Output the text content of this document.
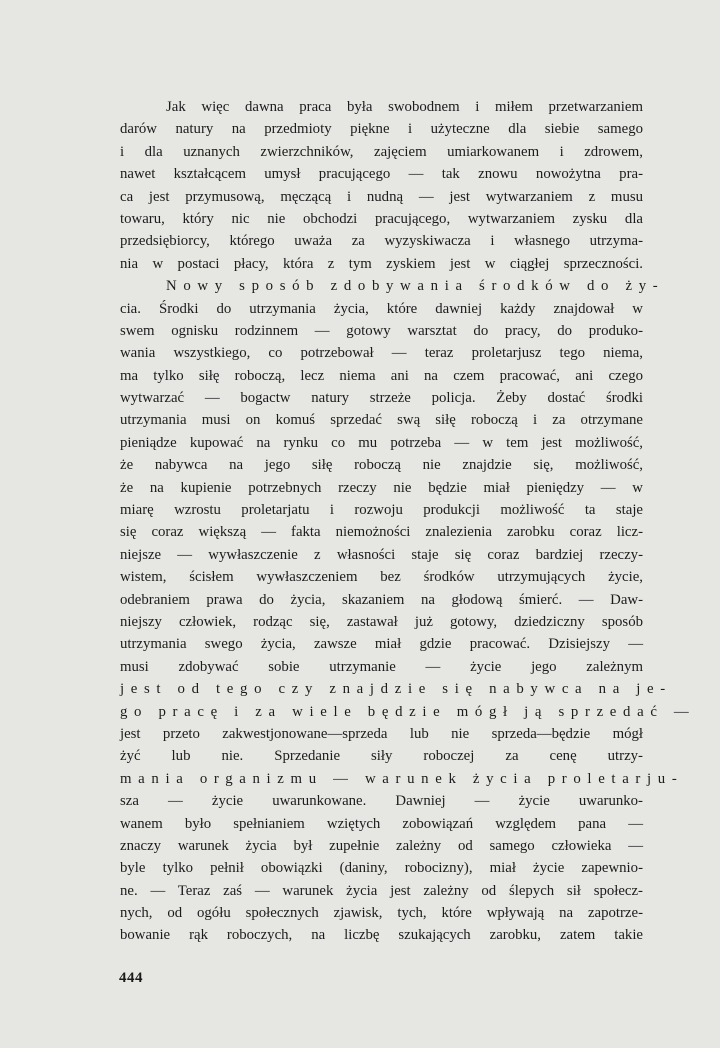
Jak więc dawna praca była swobodnem i miłem przetwarzaniem
darów natury na przedmioty piękne i użyteczne dla siebie samego
i dla uznanych zwierzchników, zajęciem umiarkowanem i zdrowem,
nawet kształcącem umysł pracującego — tak znowu nowożytna pra-
ca jest przymusową, męczącą i nudną — jest wytwarzaniem z musu
towaru, który nic nie obchodzi pracującego, wytwarzaniem zysku dla
przedsiębiorcy, którego uważa za wyzyskiwacza i własnego utrzyma-
nia w postaci płacy, która z tym zyskiem jest w ciągłej sprzeczności.
Nowy sposób zdobywania środków do ży-
cia. Środki do utrzymania życia, które dawniej każdy znajdował w
swem ognisku rodzinnem — gotowy warsztat do pracy, do produko-
wania wszystkiego, co potrzebował — teraz proletarjusz tego niema,
ma tylko siłę roboczą, lecz niema ani na czem pracować, ani czego
wytwarzać — bogactw natury strzeże policja. Żeby dostać środki
utrzymania musi on komuś sprzedać swą siłę roboczą i za otrzymane
pieniądze kupować na rynku co mu potrzeba — w tem jest możliwość,
że nabywca na jego siłę roboczą nie znajdzie się, możliwość,
że na kupienie potrzebnych rzeczy nie będzie miał pieniędzy — w
miarę wzrostu proletarjatu i rozwoju produkcji możliwość ta staje
się coraz większą — fakta niemożności znalezienia zarobku coraz licz-
niejsze — wywłaszczenie z własności staje się coraz bardziej rzeczy-
wistem, ścisłem wywłaszczeniem bez środków utrzymujących życie,
odebraniem prawa do życia, skazaniem na głodową śmierć. — Daw-
niejszy człowiek, rodząc się, zastawał już gotowy, dziedziczny sposób
utrzymania swego życia, zawsze miał gdzie pracować. Dzisiejszy —
musi zdobywać sobie utrzymanie — życie jego zależnym
jest od tego czy znajdzie się nabywca na je-
go pracę i za wiele będzie mógł ją sprzedać —
jest przeto zakwestjonowane—sprzeda lub nie sprzeda—będzie mógł
żyć lub nie. Sprzedanie siły roboczej za cenę utrzy-
mania organizmu — warunek życia proletarju-
sza — życie uwarunkowane. Dawniej — życie uwarunko-
wanem było spełnianiem wziętych zobowiązań względem pana —
znaczy warunek życia był zupełnie zależny od samego człowieka —
byle tylko pełnił obowiązki (daniny, robocizny), miał życie zapewnio-
ne. — Teraz zaś — warunek życia jest zależny od ślepych sił społecz-
nych, od ogółu społecznych zjawisk, tych, które wpływają na zapotrze-
bowanie rąk roboczych, na liczbę szukających zarobku, zatem takie
444
